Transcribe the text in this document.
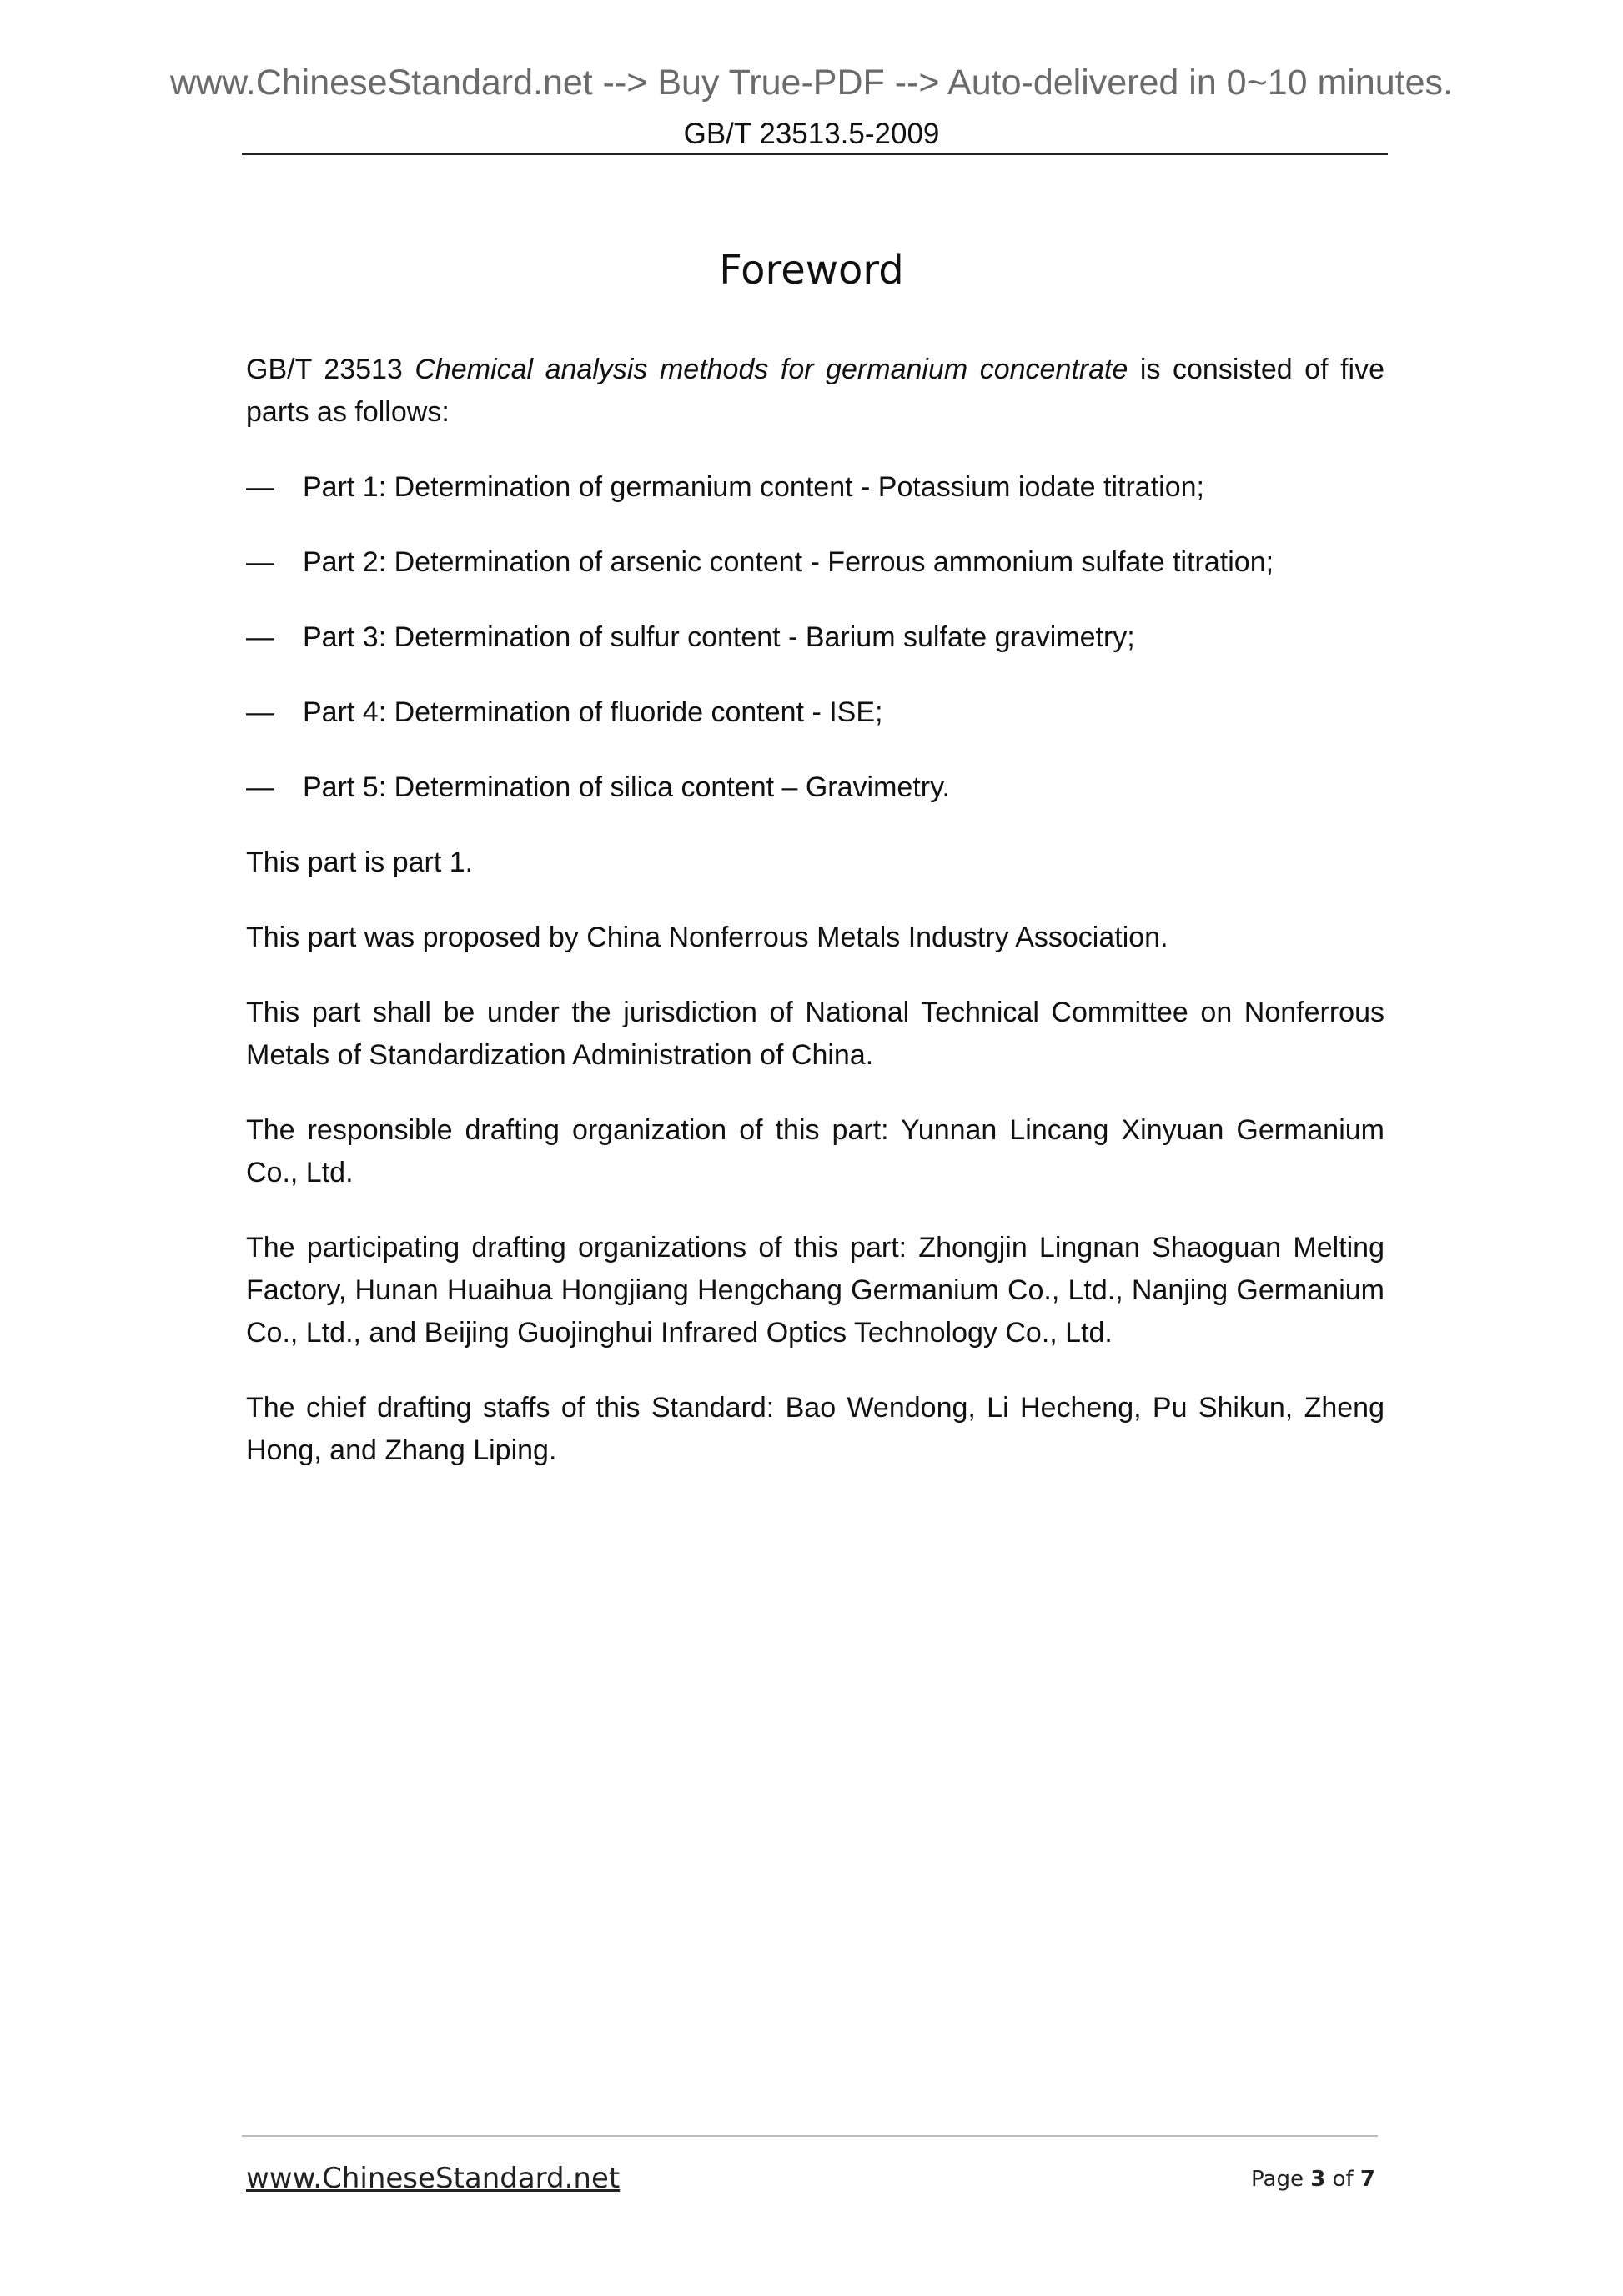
www.ChineseStandard.net --> Buy True-PDF --> Auto-delivered in 0~10 minutes.
GB/T 23513.5-2009
Foreword

GB/T 23513 Chemical analysis methods for germanium concentrate is consisted of five parts as follows:

—	Part 1: Determination of germanium content - Potassium iodate titration;
—	Part 2: Determination of arsenic content - Ferrous ammonium sulfate titration;
—	Part 3: Determination of sulfur content - Barium sulfate gravimetry;
—	Part 4: Determination of fluoride content - ISE;
—	Part 5: Determination of silica content – Gravimetry.

This part is part 1.

This part was proposed by China Nonferrous Metals Industry Association.

This part shall be under the jurisdiction of National Technical Committee on Nonferrous Metals of Standardization Administration of China.

The responsible drafting organization of this part: Yunnan Lincang Xinyuan Germanium Co., Ltd.

The participating drafting organizations of this part: Zhongjin Lingnan Shaoguan Melting Factory, Hunan Huaihua Hongjiang Hengchang Germanium Co., Ltd., Nanjing Germanium Co., Ltd., and Beijing Guojinghui Infrared Optics Technology Co., Ltd.

The chief drafting staffs of this Standard: Bao Wendong, Li Hecheng, Pu Shikun, Zheng Hong, and Zhang Liping.

www.ChineseStandard.net	Page 3 of 7
